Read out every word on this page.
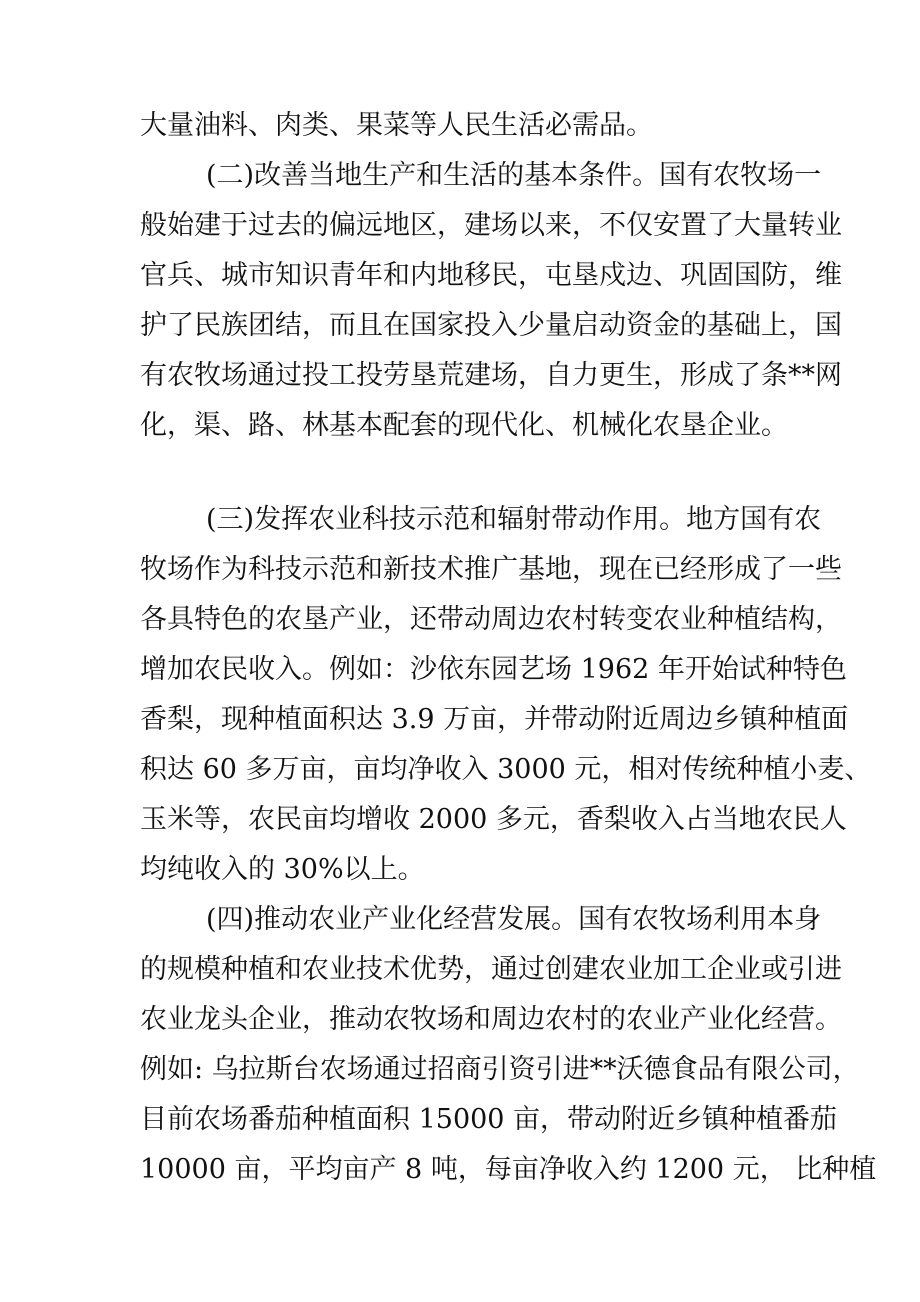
大量油料、肉类、果菜等人民生活必需品。
(二)改善当地生产和生活的基本条件。国有农牧场一
般始建于过去的偏远地区，建场以来，不仅安置了大量转业
官兵、城市知识青年和内地移民，屯垦戍边、巩固国防，维
护了民族团结，而且在国家投入少量启动资金的基础上，国
有农牧场通过投工投劳垦荒建场，自力更生，形成了条**网
化，渠、路、林基本配套的现代化、机械化农垦企业。
(三)发挥农业科技示范和辐射带动作用。地方国有农
牧场作为科技示范和新技术推广基地，现在已经形成了一些
各具特色的农垦产业，还带动周边农村转变农业种植结构，
增加农民收入。例如：沙依东园艺场 1962 年开始试种特色
香梨，现种植面积达 3.9 万亩，并带动附近周边乡镇种植面
积达 60 多万亩，亩均净收入 3000 元，相对传统种植小麦、
玉米等，农民亩均增收 2000 多元，香梨收入占当地农民人
均纯收入的 30%以上。
(四)推动农业产业化经营发展。国有农牧场利用本身
的规模种植和农业技术优势，通过创建农业加工企业或引进
农业龙头企业，推动农牧场和周边农村的农业产业化经营。
例如: 乌拉斯台农场通过招商引资引进**沃德食品有限公司，
目前农场番茄种植面积 15000 亩，带动附近乡镇种植番茄
10000 亩，平均亩产 8 吨，每亩净收入约 1200 元， 比种植
